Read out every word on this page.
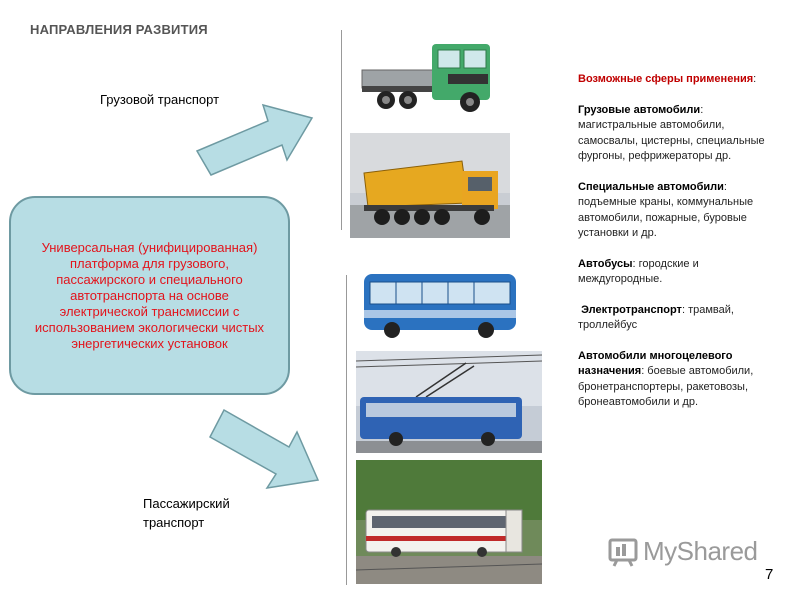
НАПРАВЛЕНИЯ РАЗВИТИЯ
Грузовой транспорт
Универсальная (унифицированная) платформа для грузового, пассажирского и специального автотранспорта на основе электрической трансмиссии с использованием экологически чистых энергетических установок
Пассажирский транспорт

Возможные сферы применения:

Грузовые автомобили: магистральные автомобили, самосвалы, цистерны, специальные фургоны, рефрижераторы др.

Специальные автомобили: подъемные краны, коммунальные автомобили, пожарные, буровые установки и др.

Автобусы: городские и междугородные.

Электротранспорт: трамвай, троллейбус

Автомобили многоцелевого назначения: боевые автомобили, бронетранспортеры, ракетовозы, бронеавтомобили и др.

MyShared
7
